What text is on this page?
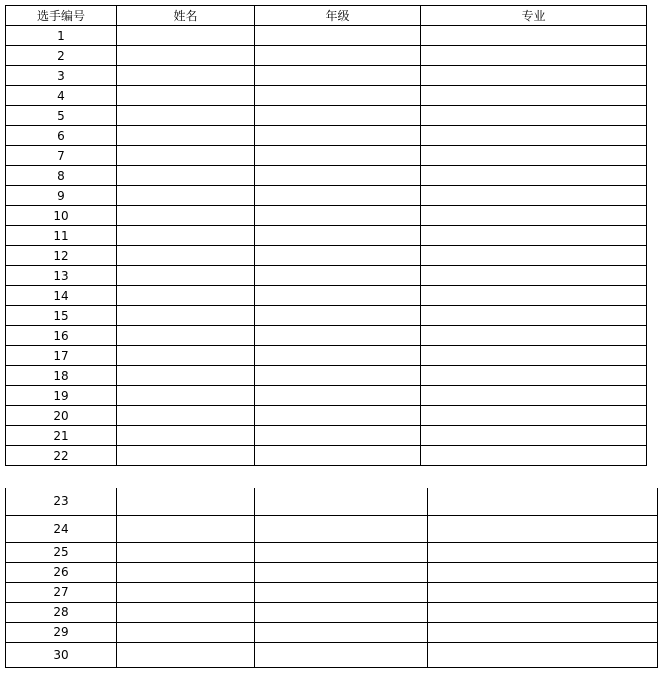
选手编号	姓名	年级	专业
1			
2			
3			
4			
5			
6			
7			
8			
9			
10			
11			
12			
13			
14			
15			
16			
17			
18			
19			
20			
21			
22			
23			
24			
25			
26			
27			
28			
29			
30			
